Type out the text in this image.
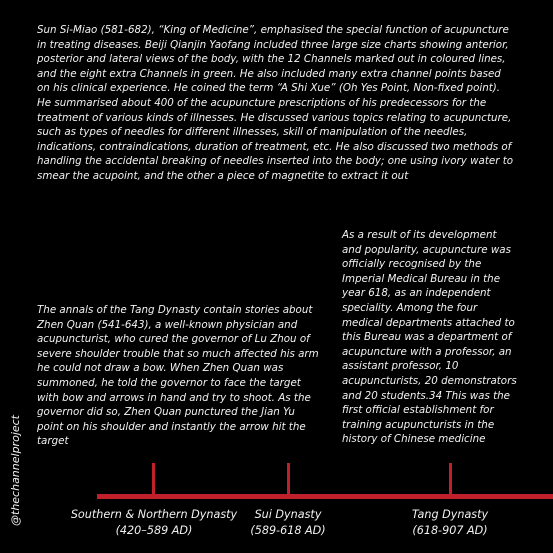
Sun Si-Miao (581-682), “King of Medicine”, emphasised the special function of acupuncture in treating diseases. Beiji Qianjin Yaofang included three large size charts showing anterior, posterior and lateral views of the body, with the 12 Channels marked out in coloured lines, and the eight extra Channels in green. He also included many extra channel points based on his clinical experience. He coined the term “A Shi Xue” (Oh Yes Point, Non-fixed point). He summarised about 400 of the acupuncture prescriptions of his predecessors for the treatment of various kinds of illnesses. He discussed various topics relating to acupuncture, such as types of needles for different illnesses, skill of manipulation of the needles, indications, contraindications, duration of treatment, etc. He also discussed two methods of handling the accidental breaking of needles inserted into the body; one using ivory water to smear the acupoint, and the other a piece of magnetite to extract it out

The annals of the Tang Dynasty contain stories about Zhen Quan (541-643), a well-known physician and acupuncturist, who cured the governor of Lu Zhou of severe shoulder trouble that so much affected his arm he could not draw a bow. When Zhen Quan was summoned, he told the governor to face the target with bow and arrows in hand and try to shoot. As the governor did so, Zhen Quan punctured the Jian Yu point on his shoulder and instantly the arrow hit the target

As a result of its development and popularity, acupuncture was officially recognised by the Imperial Medical Bureau in the year 618, as an independent speciality. Among the four medical departments attached to this Bureau was a department of acupuncture with a professor, an assistant professor, 10 acupuncturists, 20 demonstrators and 20 students.34 This was the first official establishment for training acupuncturists in the history of Chinese medicine

@thechannelproject	Southern & Northern Dynasty
(420–589 AD)
Sui Dynasty
(589-618 AD)
Tang Dynasty
(618-907 AD)
